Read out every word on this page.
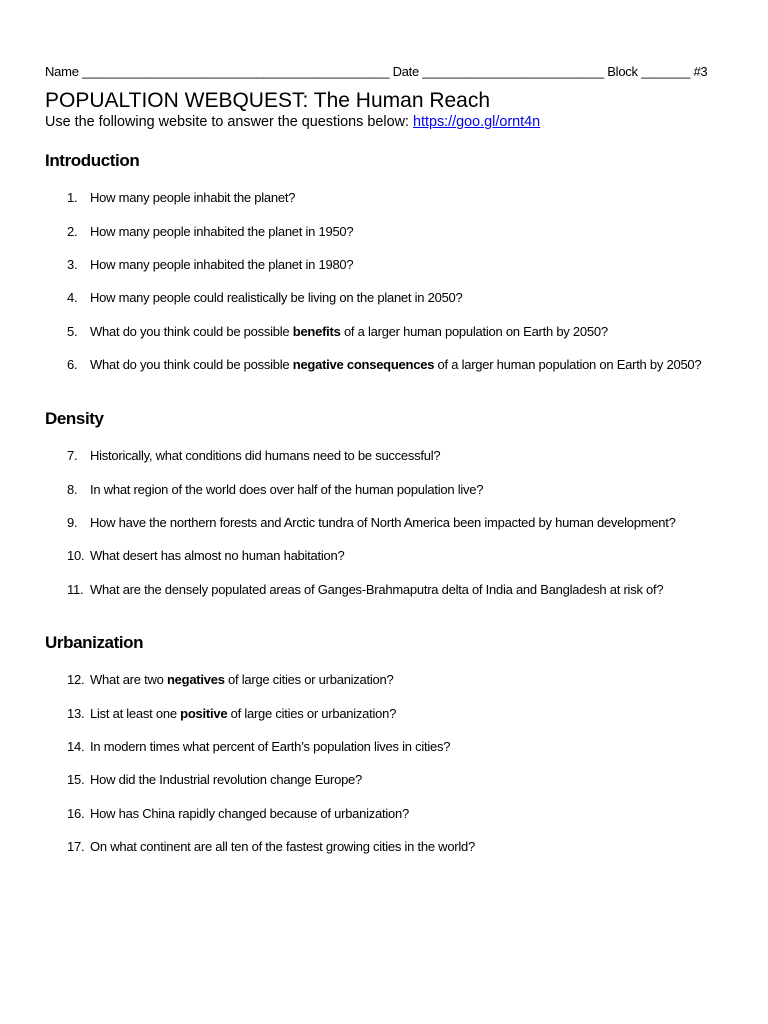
Name ____________________________________________ Date __________________________ Block _______ #3
POPUALTION WEBQUEST: The Human Reach
Use the following website to answer the questions below: https://goo.gl/ornt4n
Introduction
1. How many people inhabit the planet?
2. How many people inhabited the planet in 1950?
3. How many people inhabited the planet in 1980?
4. How many people could realistically be living on the planet in 2050?
5. What do you think could be possible benefits of a larger human population on Earth by 2050?
6. What do you think could be possible negative consequences of a larger human population on Earth by 2050?
Density
7. Historically, what conditions did humans need to be successful?
8. In what region of the world does over half of the human population live?
9. How have the northern forests and Arctic tundra of North America been impacted by human development?
10. What desert has almost no human habitation?
11. What are the densely populated areas of Ganges-Brahmaputra delta of India and Bangladesh at risk of?
Urbanization
12. What are two negatives of large cities or urbanization?
13. List at least one positive of large cities or urbanization?
14. In modern times what percent of Earth’s population lives in cities?
15. How did the Industrial revolution change Europe?
16. How has China rapidly changed because of urbanization?
17. On what continent are all ten of the fastest growing cities in the world?
